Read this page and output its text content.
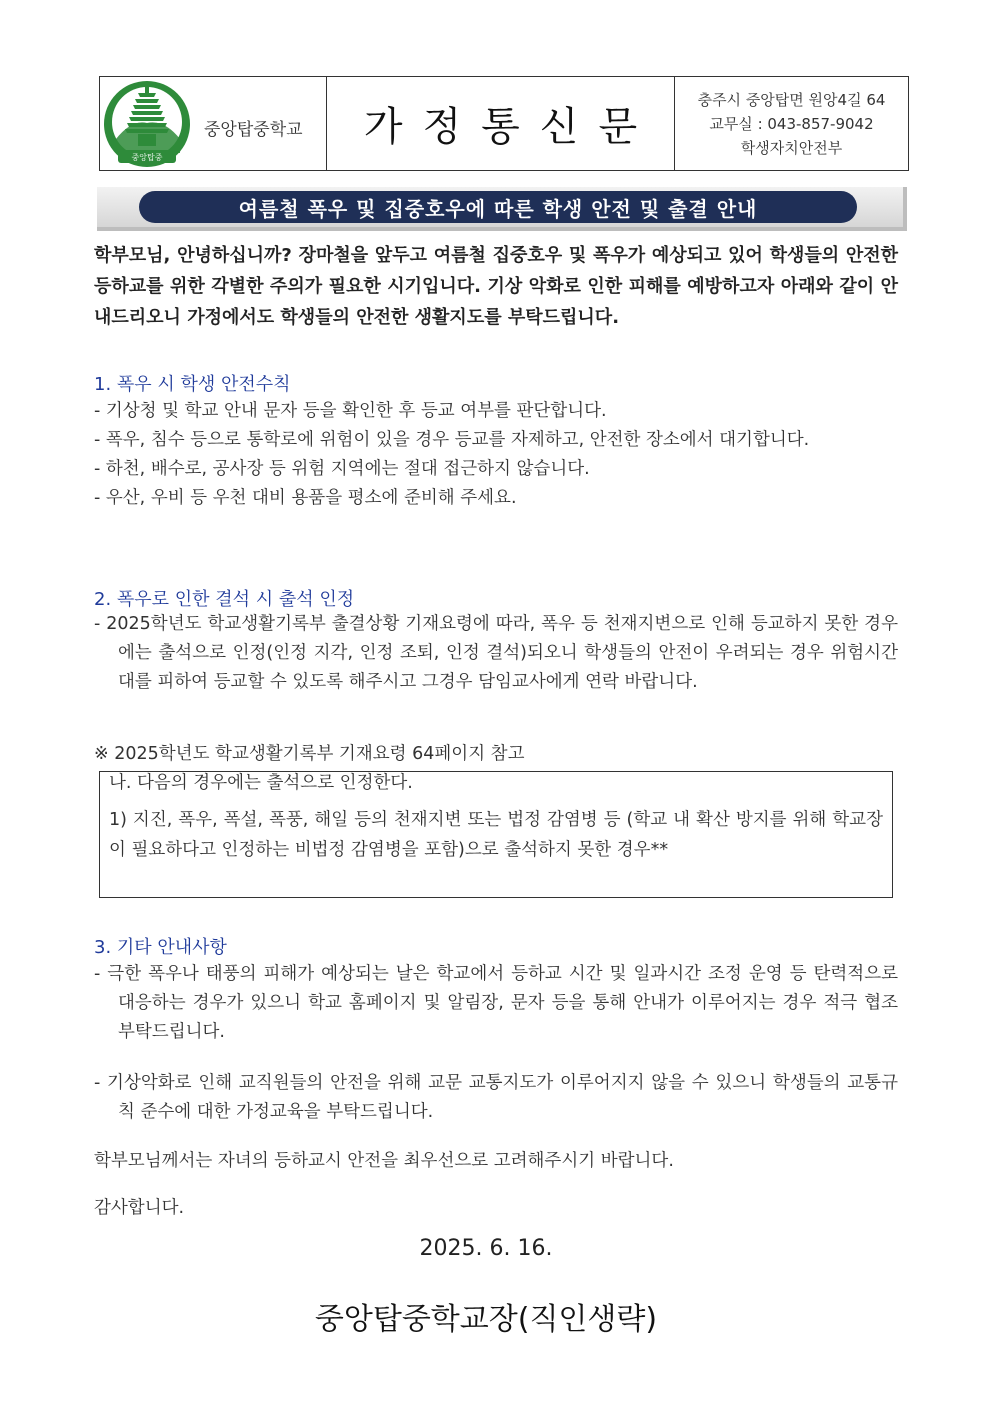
중앙탑중
중앙탑중학교 가정통신문
충주시 중앙탑면 원앙4길 64
교무실 : 043-857-9042
학생자치안전부
여름철 폭우 및 집중호우에 따른 학생 안전 및 출결 안내
학부모님, 안녕하십니까? 장마철을 앞두고 여름철 집중호우 및 폭우가 예상되고 있어 학생들의 안전한 등하교를 위한 각별한 주의가 필요한 시기입니다. 기상 악화로 인한 피해를 예방하고자 아래와 같이 안내드리오니 가정에서도 학생들의 안전한 생활지도를 부탁드립니다.
1. 폭우 시 학생 안전수칙
- 기상청 및 학교 안내 문자 등을 확인한 후 등교 여부를 판단합니다.
- 폭우, 침수 등으로 통학로에 위험이 있을 경우 등교를 자제하고, 안전한 장소에서 대기합니다.
- 하천, 배수로, 공사장 등 위험 지역에는 절대 접근하지 않습니다.
- 우산, 우비 등 우천 대비 용품을 평소에 준비해 주세요.
2. 폭우로 인한 결석 시 출석 인정
- 2025학년도 학교생활기록부 출결상황 기재요령에 따라, 폭우 등 천재지변으로 인해 등교하지 못한 경우에는 출석으로 인정(인정 지각, 인정 조퇴, 인정 결석)되오니 학생들의 안전이 우려되는 경우 위험시간대를 피하여 등교할 수 있도록 해주시고 그경우 담임교사에게 연락 바랍니다.
※ 2025학년도 학교생활기록부 기재요령 64페이지 참고
나. 다음의 경우에는 출석으로 인정한다.
1) 지진, 폭우, 폭설, 폭풍, 해일 등의 천재지변 또는 법정 감염병 등 (학교 내 확산 방지를 위해 학교장이 필요하다고 인정하는 비법정 감염병을 포함)으로 출석하지 못한 경우**
3. 기타 안내사항
- 극한 폭우나 태풍의 피해가 예상되는 날은 학교에서 등하교 시간 및 일과시간 조정 운영 등 탄력적으로 대응하는 경우가 있으니 학교 홈페이지 및 알림장, 문자 등을 통해 안내가 이루어지는 경우 적극 협조 부탁드립니다.
- 기상악화로 인해 교직원들의 안전을 위해 교문 교통지도가 이루어지지 않을 수 있으니 학생들의 교통규칙 준수에 대한 가정교육을 부탁드립니다.
학부모님께서는 자녀의 등하교시 안전을 최우선으로 고려해주시기 바랍니다.
감사합니다.
2025. 6. 16.
중앙탑중학교장(직인생략)
